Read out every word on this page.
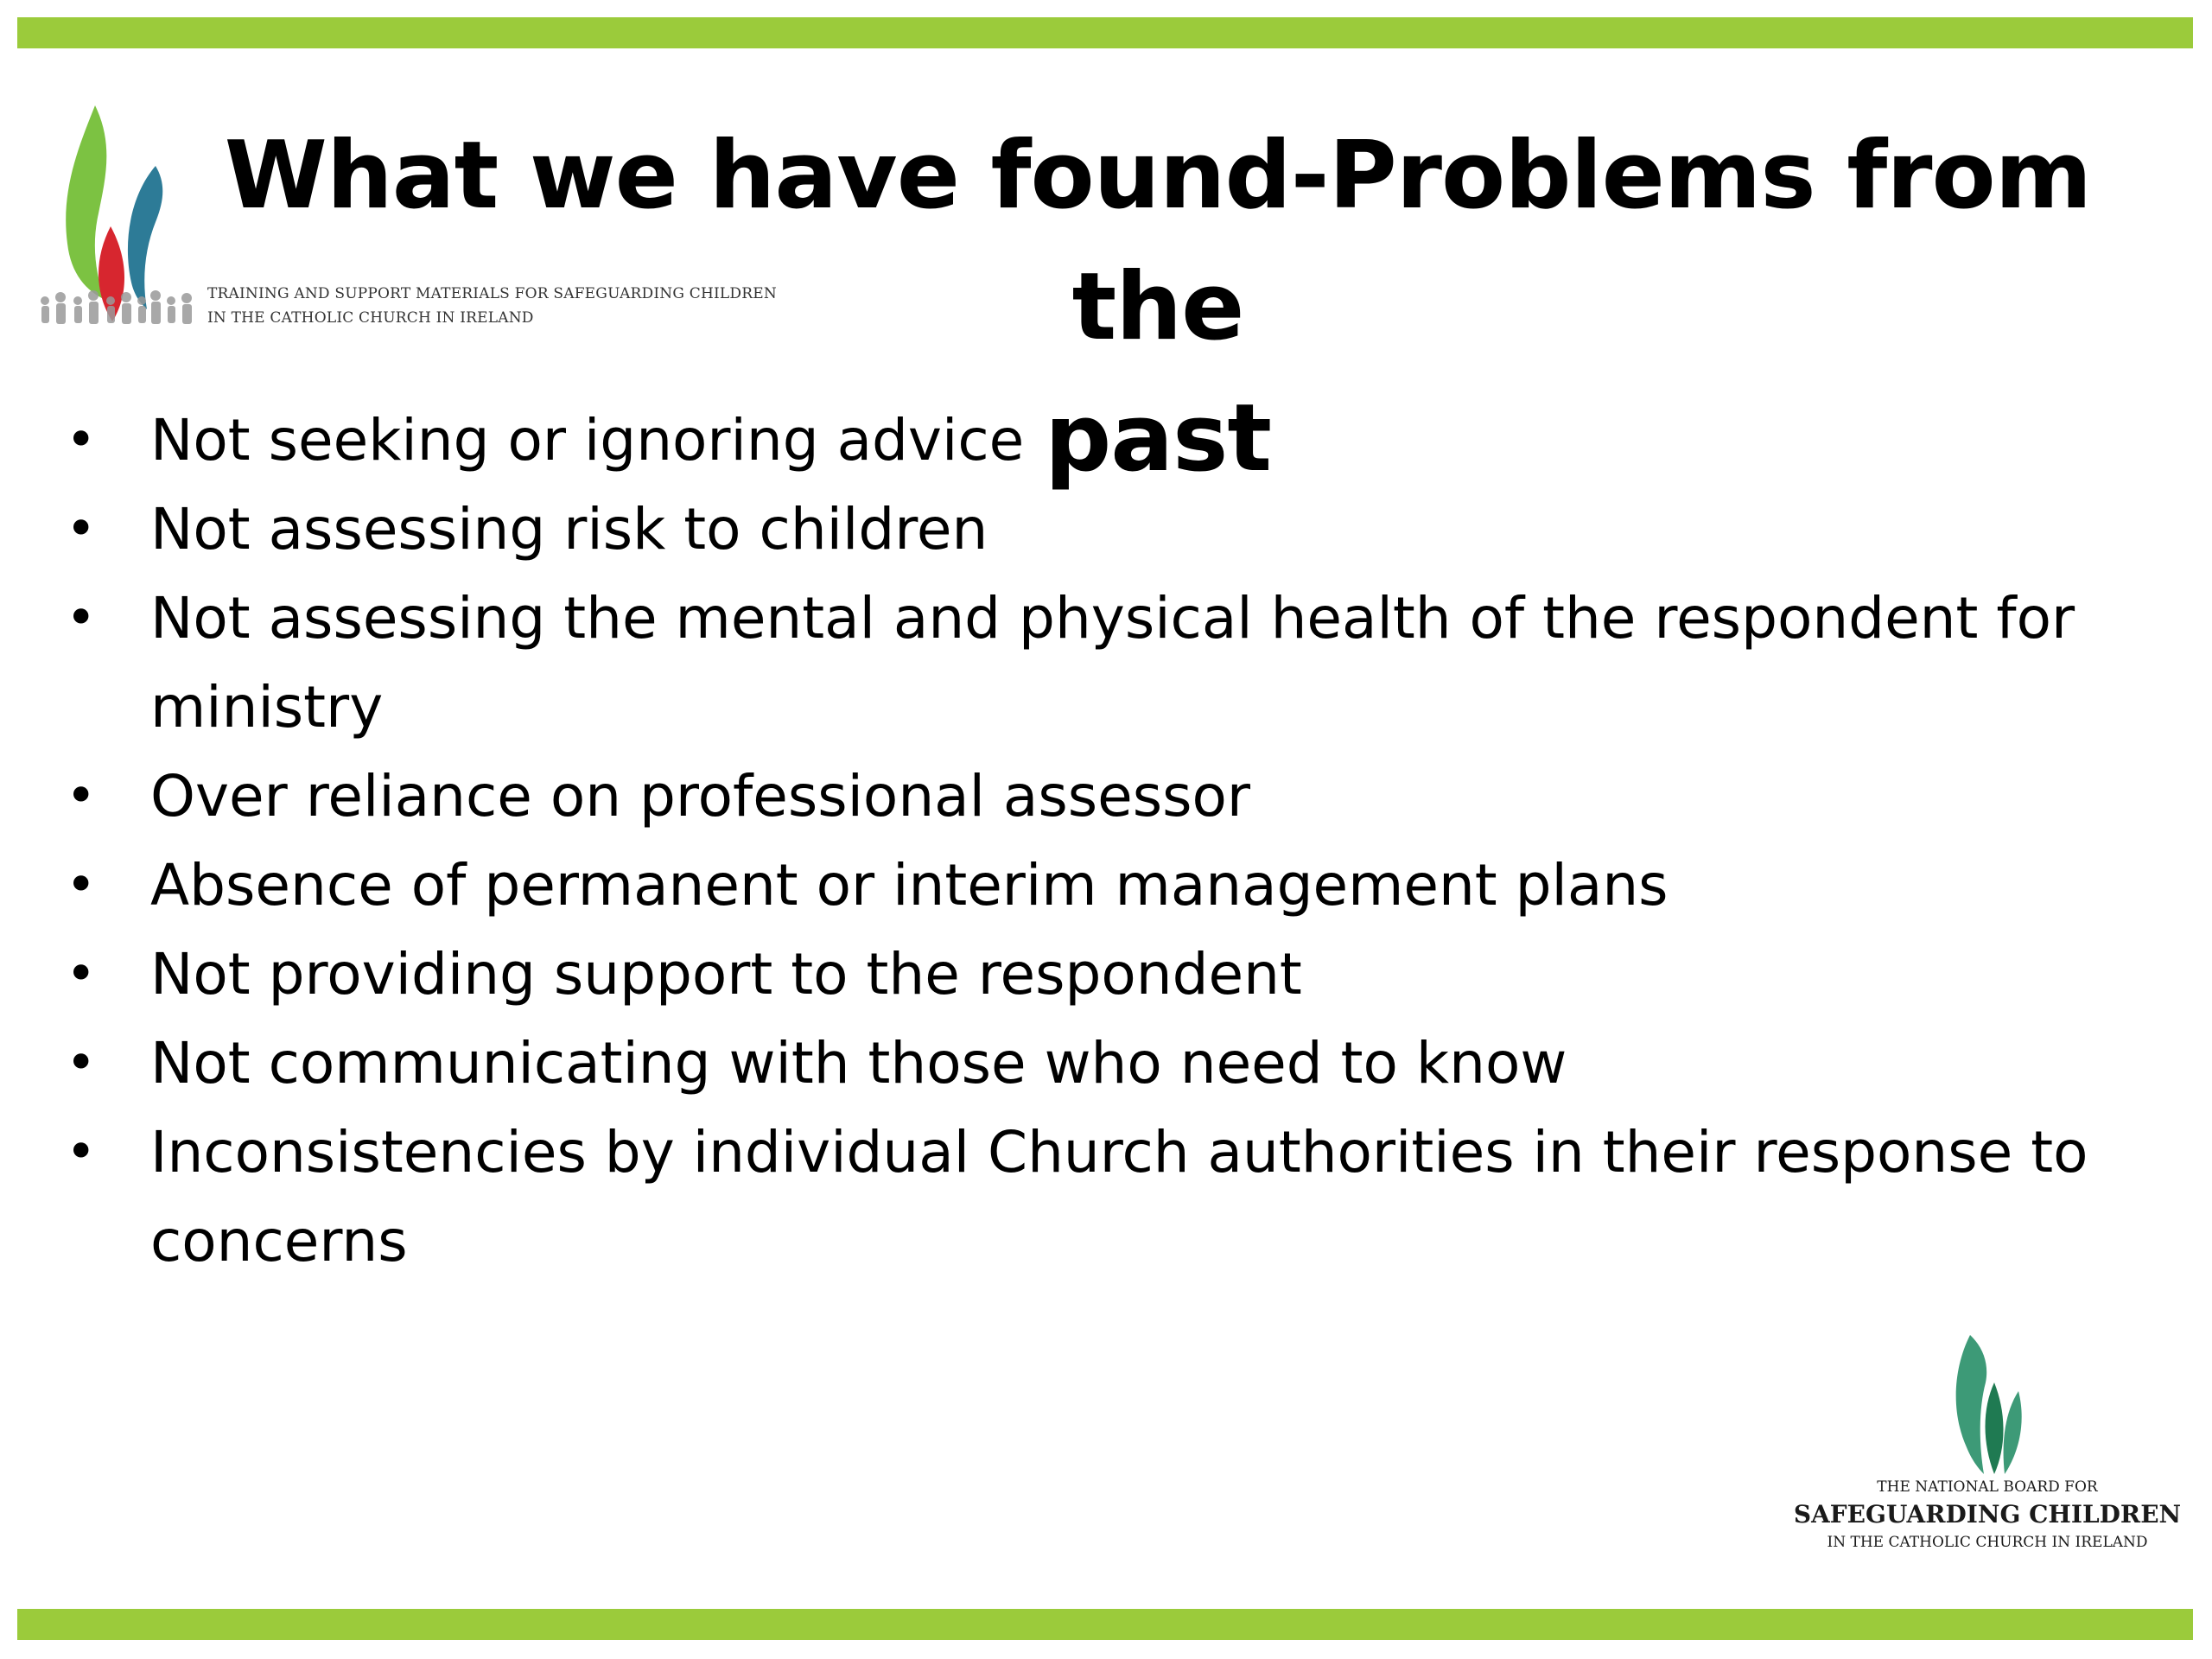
TRAINING AND SUPPORT MATERIALS FOR SAFEGUARDING CHILDREN
IN THE CATHOLIC CHURCH IN IRELAND
What we have found-Problems from the
past
• Not seeking or ignoring advice
• Not assessing risk to children
• Not assessing the mental and physical health of the respondent for ministry
• Over reliance on professional assessor
• Absence of permanent or interim management plans
• Not providing support to the respondent
• Not communicating with those who need to know
• Inconsistencies by individual Church authorities in their response to concerns
THE NATIONAL BOARD FOR
SAFEGUARDING CHILDREN
IN THE CATHOLIC CHURCH IN IRELAND
